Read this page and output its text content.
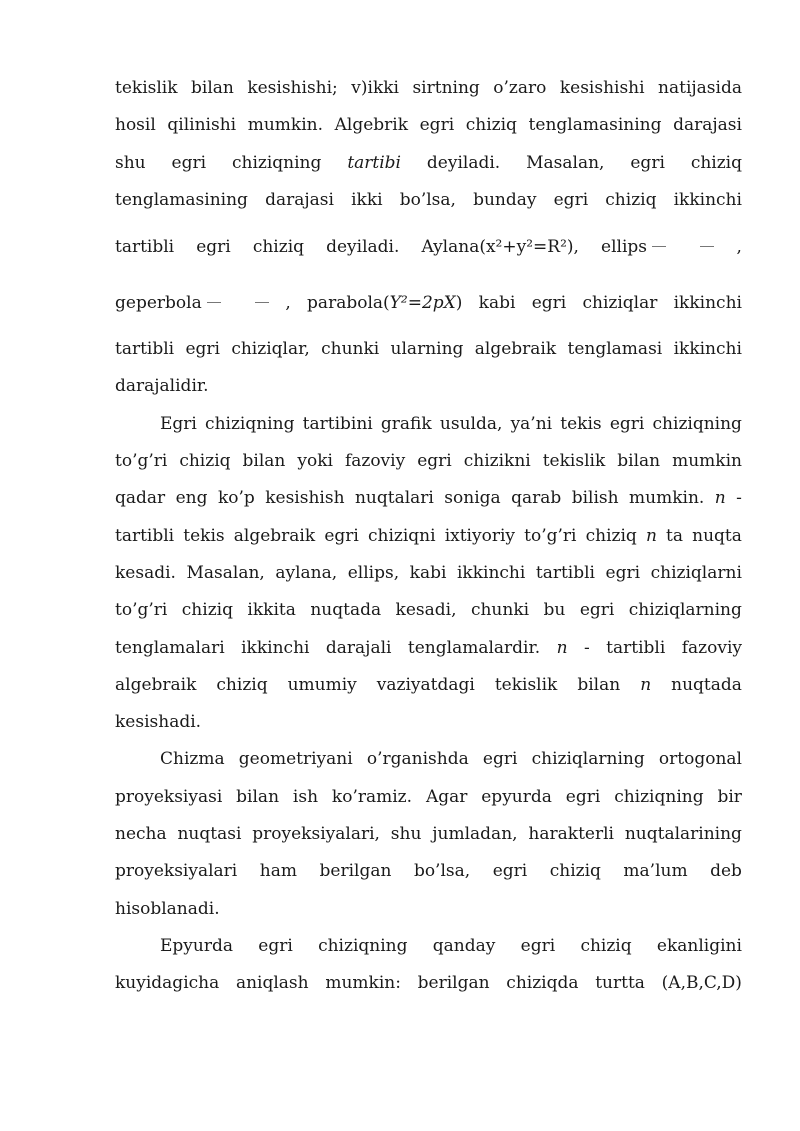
tekislik bilan kesishishi; v)ikki sirtning o’zaro kesishishi natijasida
hosil qilinishi mumkin. Algebrik egri chiziq tenglamasining darajasi
shu egri chiziqning tartibi deyiladi. Masalan, egri chiziq
tenglamasining darajasi ikki bo’lsa, bunday egri chiziq ikkinchi
tartibli egri chiziq deyiladi. Aylana(x²+y²=R²), ellips	,
geperbola	, parabola(Y²=2pX) kabi egri chiziqlar ikkinchi
tartibli egri chiziqlar, chunki ularning algebraik tenglamasi ikkinchi
darajalidir.
Egri chiziqning tartibini grafik usulda, ya’ni tekis egri chiziqning
to’g’ri chiziq bilan yoki fazoviy egri chizikni tekislik bilan mumkin
qadar eng ko’p kesishish nuqtalari soniga qarab bilish mumkin. n -
tartibli tekis algebraik egri chiziqni ixtiyoriy to’g’ri chiziq n ta nuqta
kesadi. Masalan, aylana, ellips, kabi ikkinchi tartibli egri chiziqlarni
to’g’ri chiziq ikkita nuqtada kesadi, chunki bu egri chiziqlarning
tenglamalari ikkinchi darajali tenglamalardir. n - tartibli fazoviy
algebraik chiziq umumiy vaziyatdagi tekislik bilan n nuqtada
kesishadi.
Chizma geometriyani o’rganishda egri chiziqlarning ortogonal
proyeksiyasi bilan ish ko’ramiz. Agar epyurda egri chiziqning bir
necha nuqtasi proyeksiyalari, shu jumladan, harakterli nuqtalarining
proyeksiyalari ham berilgan bo’lsa, egri chiziq ma’lum deb
hisoblanadi.
Epyurda egri chiziqning qanday egri chiziq ekanligini
kuyidagicha aniqlash mumkin: berilgan chiziqda turtta (A,B,C,D)
